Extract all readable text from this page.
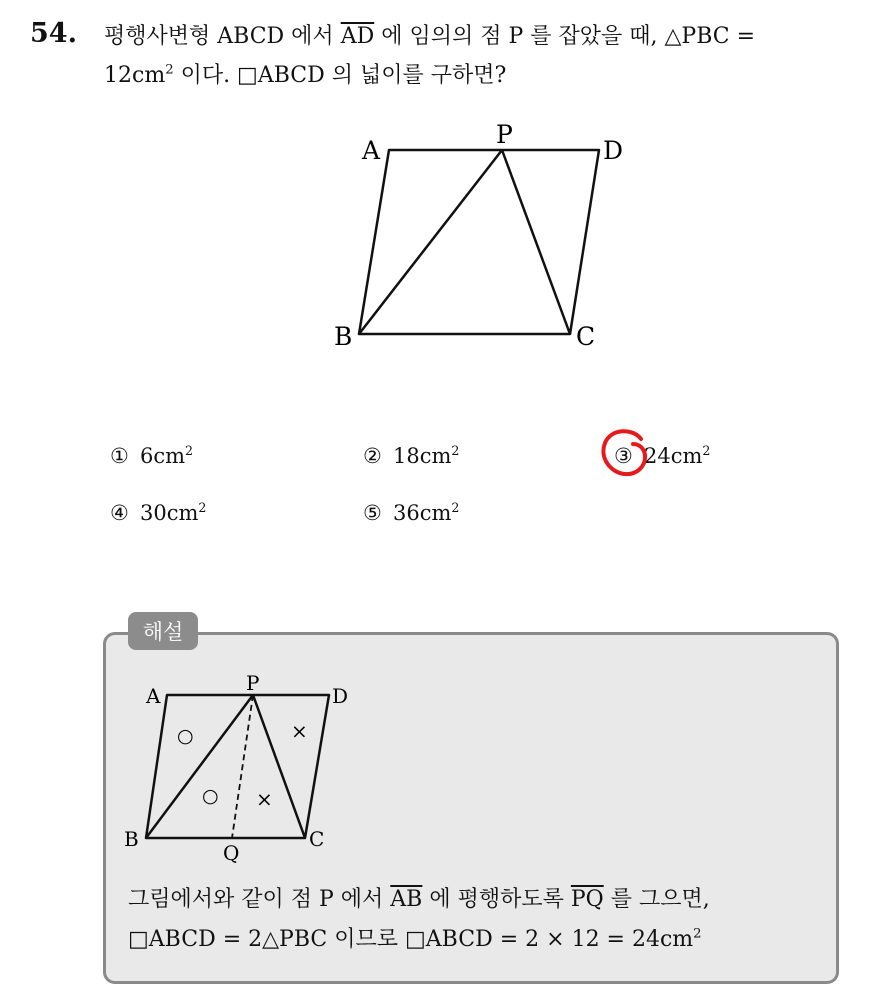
54. 평행사변형 ABCD 에서 $\overline{AD}$ 에 임의의 점 P 를 잡았을 때, △PBC =
$12cm^2$ 이다. □ABCD 의 넓이를 구하면?
A
P
D
B	C
① $6cm^2$	② $18cm^2$	③ $24cm^2$
④ $30cm^2$	⑤ $36cm^2$
해설
A
P
D
B	C
Q
○
○
×
×
그림에서와 같이 점 P 에서 $\overline{AB}$ 에 평행하도록 $\overline{PQ}$ 를 그으면,
□ABCD = 2△PBC 이므로 □ABCD = $2 \times 12 = 24cm^2$
